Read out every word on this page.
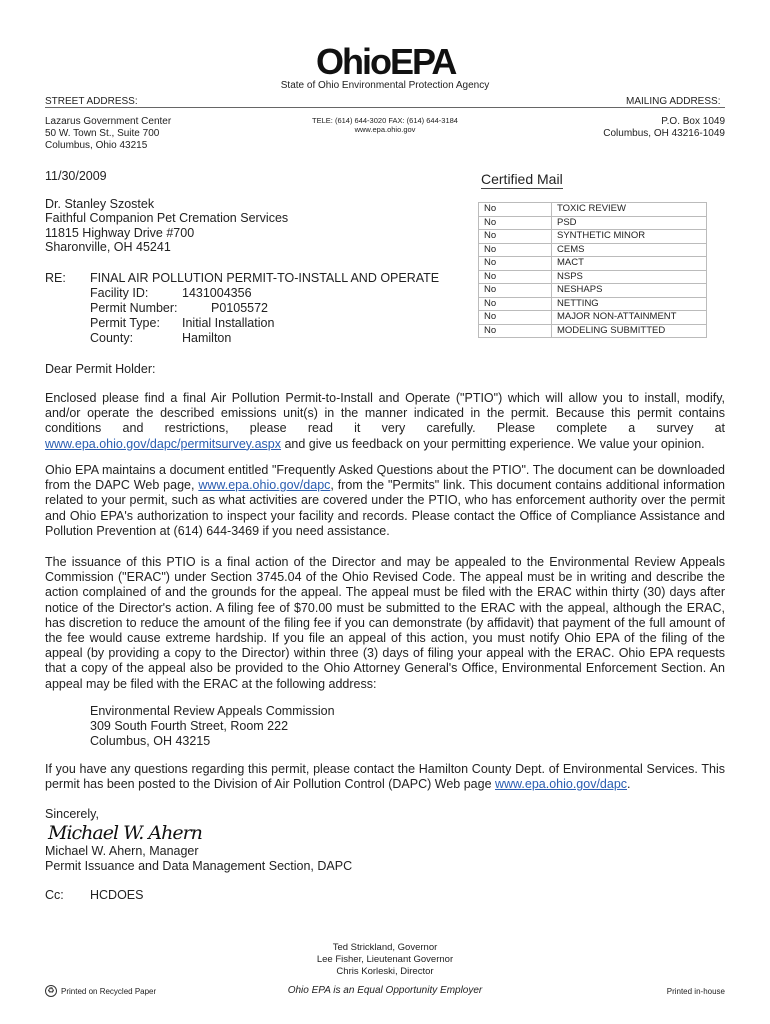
OhioEPA
State of Ohio Environmental Protection Agency
STREET ADDRESS:	MAILING ADDRESS:
Lazarus Government Center
50 W. Town St., Suite 700
Columbus, Ohio 43215
TELE: (614) 644-3020 FAX: (614) 644-3184
www.epa.ohio.gov
P.O. Box 1049
Columbus, OH 43216-1049
11/30/2009	Certified Mail
Dr. Stanley Szostek
Faithful Companion Pet Cremation Services
11815 Highway Drive #700
Sharonville, OH 45241
No	TOXIC REVIEW
No	PSD
No	SYNTHETIC MINOR
No	CEMS
No	MACT
No	NSPS
No	NESHAPS
No	NETTING
No	MAJOR NON-ATTAINMENT
No	MODELING SUBMITTED
RE: FINAL AIR POLLUTION PERMIT-TO-INSTALL AND OPERATE
Facility ID:	1431004356
Permit Number:	P0105572
Permit Type: Initial Installation
County:	Hamilton
Dear Permit Holder:
Enclosed please find a final Air Pollution Permit-to-Install and Operate ("PTIO") which will allow you to install, modify, and/or operate the described emissions unit(s) in the manner indicated in the permit. Because this permit contains conditions and restrictions, please read it very carefully. Please complete a survey at www.epa.ohio.gov/dapc/permitsurvey.aspx and give us feedback on your permitting experience. We value your opinion.
Ohio EPA maintains a document entitled "Frequently Asked Questions about the PTIO". The document can be downloaded from the DAPC Web page, www.epa.ohio.gov/dapc, from the "Permits" link. This document contains additional information related to your permit, such as what activities are covered under the PTIO, who has enforcement authority over the permit and Ohio EPA's authorization to inspect your facility and records. Please contact the Office of Compliance Assistance and Pollution Prevention at (614) 644-3469 if you need assistance.
The issuance of this PTIO is a final action of the Director and may be appealed to the Environmental Review Appeals Commission ("ERAC") under Section 3745.04 of the Ohio Revised Code. The appeal must be in writing and describe the action complained of and the grounds for the appeal. The appeal must be filed with the ERAC within thirty (30) days after notice of the Director's action. A filing fee of $70.00 must be submitted to the ERAC with the appeal, although the ERAC, has discretion to reduce the amount of the filing fee if you can demonstrate (by affidavit) that payment of the full amount of the fee would cause extreme hardship. If you file an appeal of this action, you must notify Ohio EPA of the filing of the appeal (by providing a copy to the Director) within three (3) days of filing your appeal with the ERAC. Ohio EPA requests that a copy of the appeal also be provided to the Ohio Attorney General's Office, Environmental Enforcement Section. An appeal may be filed with the ERAC at the following address:
Environmental Review Appeals Commission
309 South Fourth Street, Room 222
Columbus, OH 43215
If you have any questions regarding this permit, please contact the Hamilton County Dept. of Environmental Services. This permit has been posted to the Division of Air Pollution Control (DAPC) Web page www.epa.ohio.gov/dapc.
Sincerely,
Michael W. Ahern
Michael W. Ahern, Manager
Permit Issuance and Data Management Section, DAPC
Cc: HCDOES
Ted Strickland, Governor
Lee Fisher, Lieutenant Governor
Chris Korleski, Director
♻ Printed on Recycled Paper	Ohio EPA is an Equal Opportunity Employer	Printed in-house
